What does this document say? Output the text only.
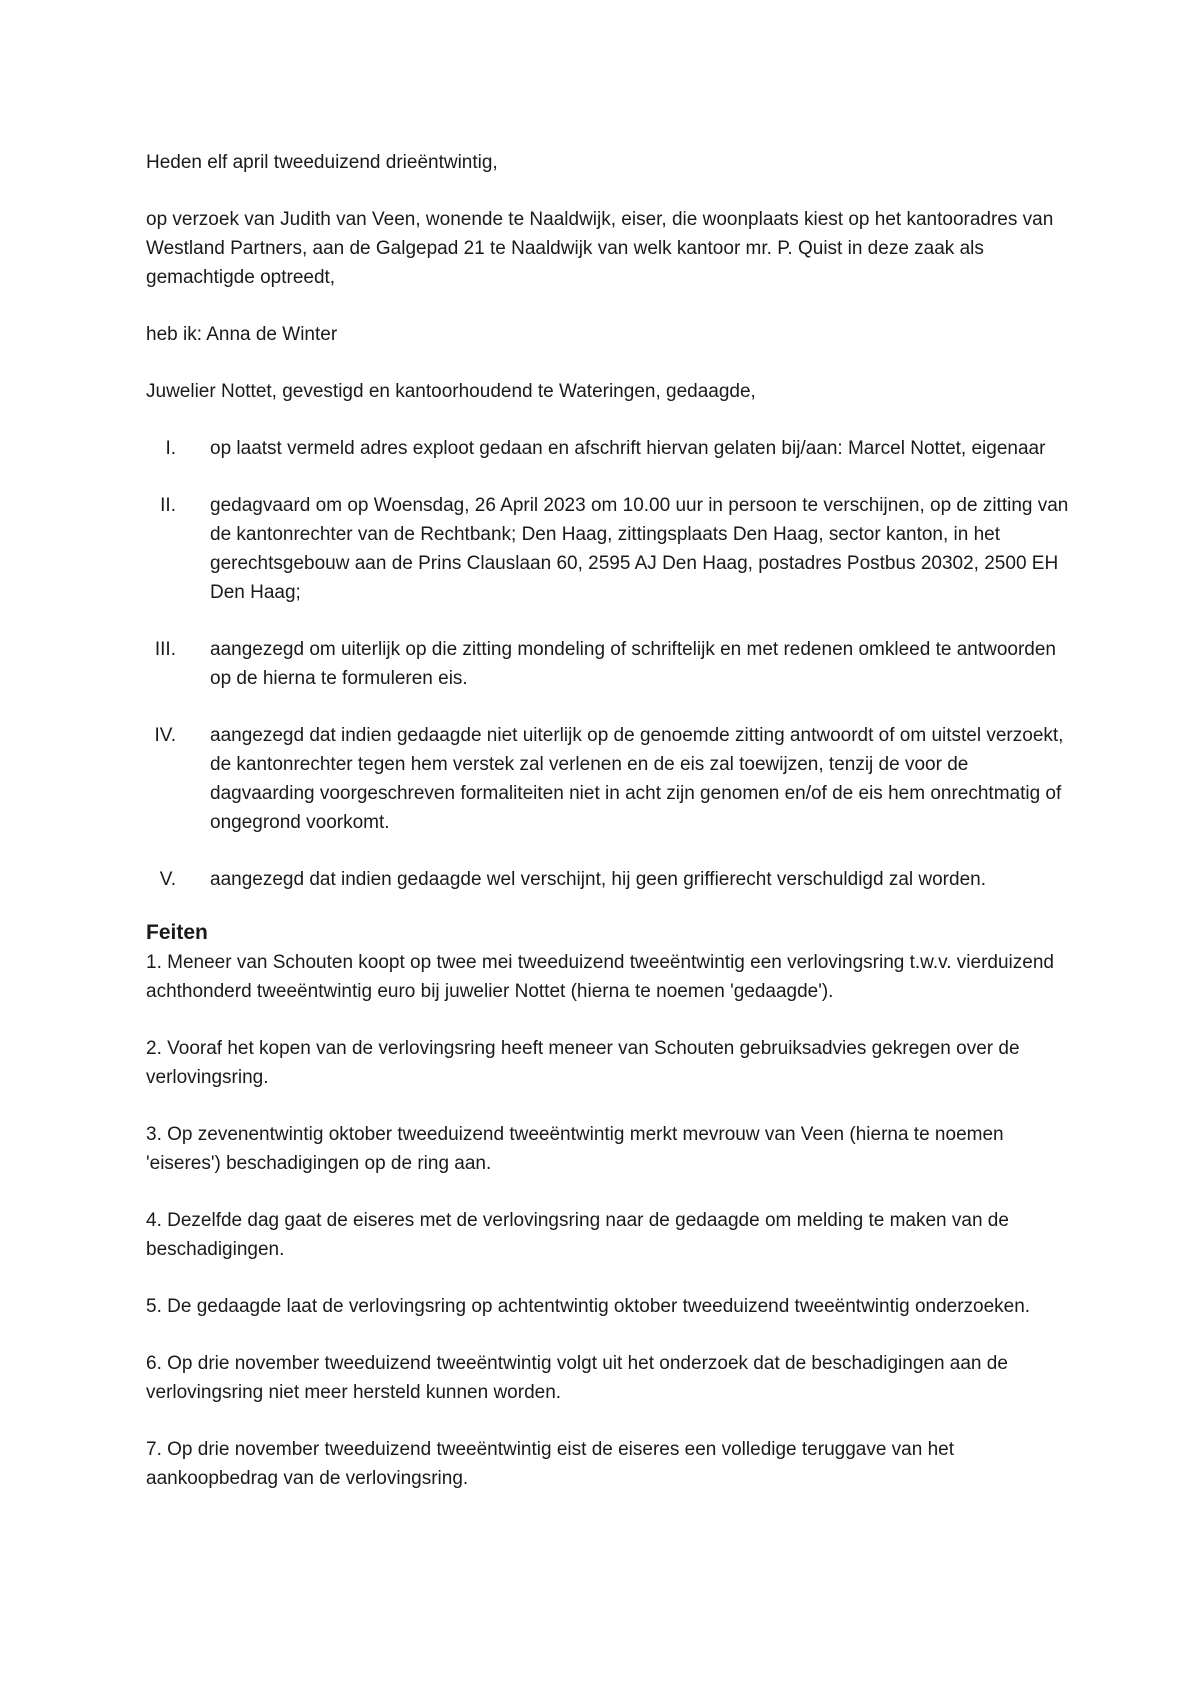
Heden elf april tweeduizend drieëntwintig,

op verzoek van Judith van Veen, wonende te Naaldwijk, eiser, die woonplaats kiest op het kantooradres van Westland Partners, aan de Galgepad 21 te Naaldwijk van welk kantoor mr. P. Quist in deze zaak als gemachtigde optreedt,

heb ik: Anna de Winter

Juwelier Nottet, gevestigd en kantoorhoudend te Wateringen, gedaagde,

I.	op laatst vermeld adres exploot gedaan en afschrift hiervan gelaten bij/aan: Marcel Nottet, eigenaar
II.	gedagvaard om op Woensdag, 26 April 2023 om 10.00 uur in persoon te verschijnen, op de zitting van de kantonrechter van de Rechtbank; Den Haag, zittingsplaats Den Haag, sector kanton, in het gerechtsgebouw aan de Prins Clauslaan 60, 2595 AJ Den Haag, postadres Postbus 20302, 2500 EH Den Haag;
III.	aangezegd om uiterlijk op die zitting mondeling of schriftelijk en met redenen omkleed te antwoorden op de hierna te formuleren eis.
IV.	aangezegd dat indien gedaagde niet uiterlijk op de genoemde zitting antwoordt of om uitstel verzoekt, de kantonrechter tegen hem verstek zal verlenen en de eis zal toewijzen, tenzij de voor de dagvaarding voorgeschreven formaliteiten niet in acht zijn genomen en/of de eis hem onrechtmatig of ongegrond voorkomt.
V.	aangezegd dat indien gedaagde wel verschijnt, hij geen griffierecht verschuldigd zal worden.

Feiten

1. Meneer van Schouten koopt op twee mei tweeduizend tweeëntwintig een verlovingsring t.w.v. vierduizend achthonderd tweeëntwintig euro bij juwelier Nottet (hierna te noemen 'gedaagde').

2. Vooraf het kopen van de verlovingsring heeft meneer van Schouten gebruiksadvies gekregen over de verlovingsring.

3. Op zevenentwintig oktober tweeduizend tweeëntwintig merkt mevrouw van Veen (hierna te noemen 'eiseres') beschadigingen op de ring aan.

4. Dezelfde dag gaat de eiseres met de verlovingsring naar de gedaagde om melding te maken van de beschadigingen.

5. De gedaagde laat de verlovingsring op achtentwintig oktober tweeduizend tweeëntwintig onderzoeken.

6. Op drie november tweeduizend tweeëntwintig volgt uit het onderzoek dat de beschadigingen aan de verlovingsring niet meer hersteld kunnen worden.

7. Op drie november tweeduizend tweeëntwintig eist de eiseres een volledige teruggave van het aankoopbedrag van de verlovingsring.
